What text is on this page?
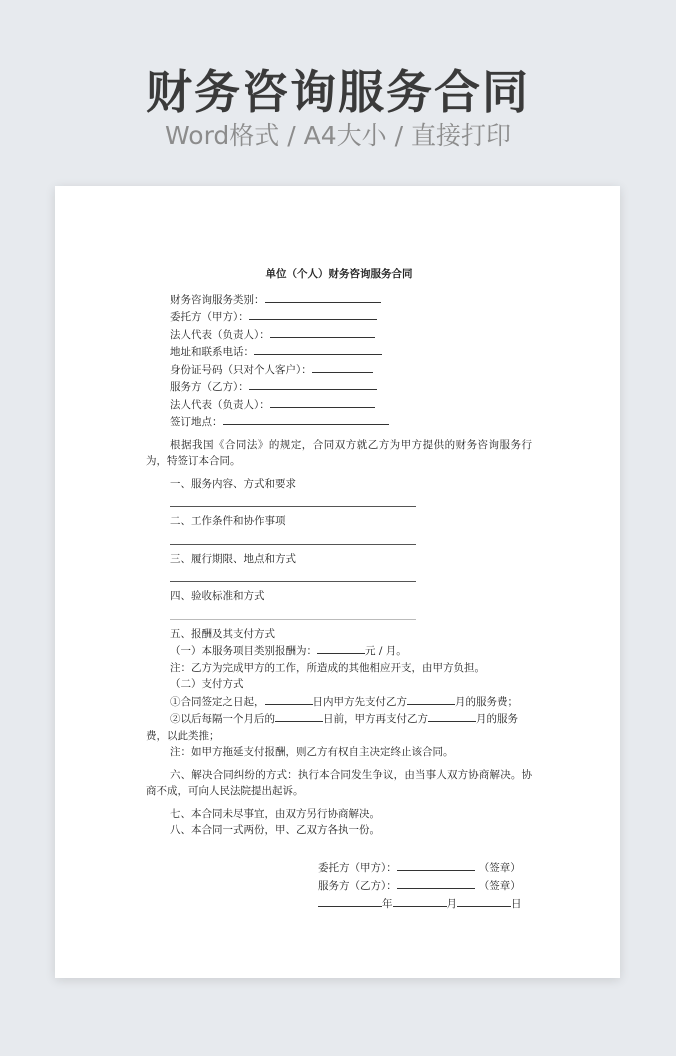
财务咨询服务合同
Word格式 / A4大小 / 直接打印
单位（个人）财务咨询服务合同
财务咨询服务类别：
委托方（甲方）：
法人代表（负责人）：
地址和联系电话：
身份证号码（只对个人客户）：
服务方（乙方）：
法人代表（负责人）：
签订地点：
根据我国《合同法》的规定，合同双方就乙方为甲方提供的财务咨询服务行为，特签订本合同。
一、服务内容、方式和要求
二、工作条件和协作事项
三、履行期限、地点和方式
四、验收标准和方式
五、报酬及其支付方式
（一）本服务项目类别报酬为：	元 / 月。
注：乙方为完成甲方的工作，所造成的其他相应开支，由甲方负担。
（二）支付方式
①合同签定之日起，	日内甲方先支付乙方	月的服务费；
②以后每隔一个月后的	日前，甲方再支付乙方	月的服务
费，以此类推；
注：如甲方拖延支付报酬，则乙方有权自主决定终止该合同。
六、解决合同纠纷的方式：执行本合同发生争议，由当事人双方协商解决。协商不成，可向人民法院提出起诉。
七、本合同未尽事宜，由双方另行协商解决。
八、本合同一式两份，甲、乙双方各执一份。
委托方（甲方）：	（签章）
服务方（乙方）：	（签章）
年	月	日
